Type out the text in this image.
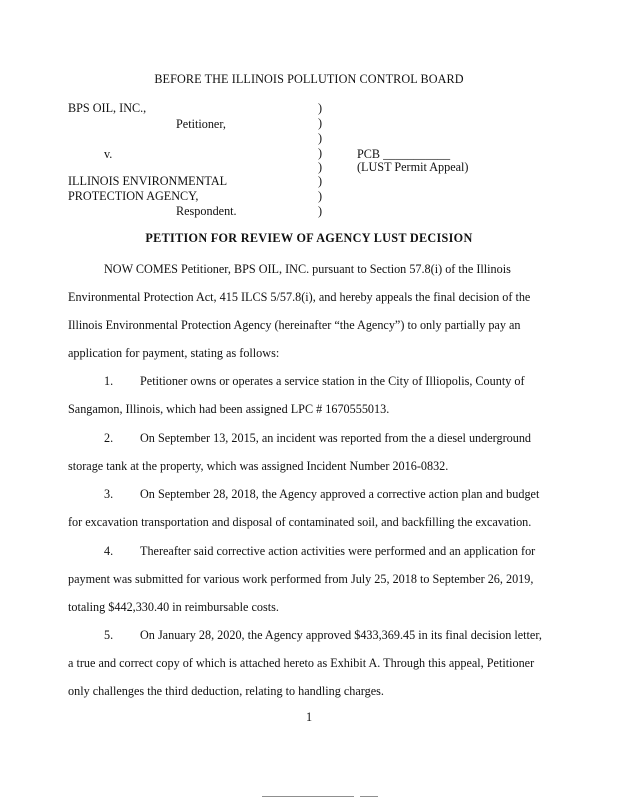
BEFORE THE ILLINOIS POLLUTION CONTROL BOARD
BPS OIL, INC.,
Petitioner,
v.
ILLINOIS ENVIRONMENTAL
PROTECTION AGENCY,
Respondent.
PCB ___________
(LUST Permit Appeal)
)
)
)
)
)
)
)
)
PETITION FOR REVIEW OF AGENCY LUST DECISION
NOW COMES Petitioner, BPS OIL, INC. pursuant to Section 57.8(i) of the Illinois
Environmental Protection Act, 415 ILCS 5/57.8(i), and hereby appeals the final decision of the
Illinois Environmental Protection Agency (hereinafter “the Agency”) to only partially pay an
application for payment, stating as follows:
1. Petitioner owns or operates a service station in the City of Illiopolis, County of
Sangamon, Illinois, which had been assigned LPC # 1670555013.
2. On September 13, 2015, an incident was reported from the a diesel underground
storage tank at the property, which was assigned Incident Number 2016-0832.
3. On September 28, 2018, the Agency approved a corrective action plan and budget
for excavation transportation and disposal of contaminated soil, and backfilling the excavation.
4. Thereafter said corrective action activities were performed and an application for
payment was submitted for various work performed from July 25, 2018 to September 26, 2019,
totaling $442,330.40 in reimbursable costs.
5. On January 28, 2020, the Agency approved $433,369.45 in its final decision letter,
a true and correct copy of which is attached hereto as Exhibit A. Through this appeal, Petitioner
only challenges the third deduction, relating to handling charges.
1
